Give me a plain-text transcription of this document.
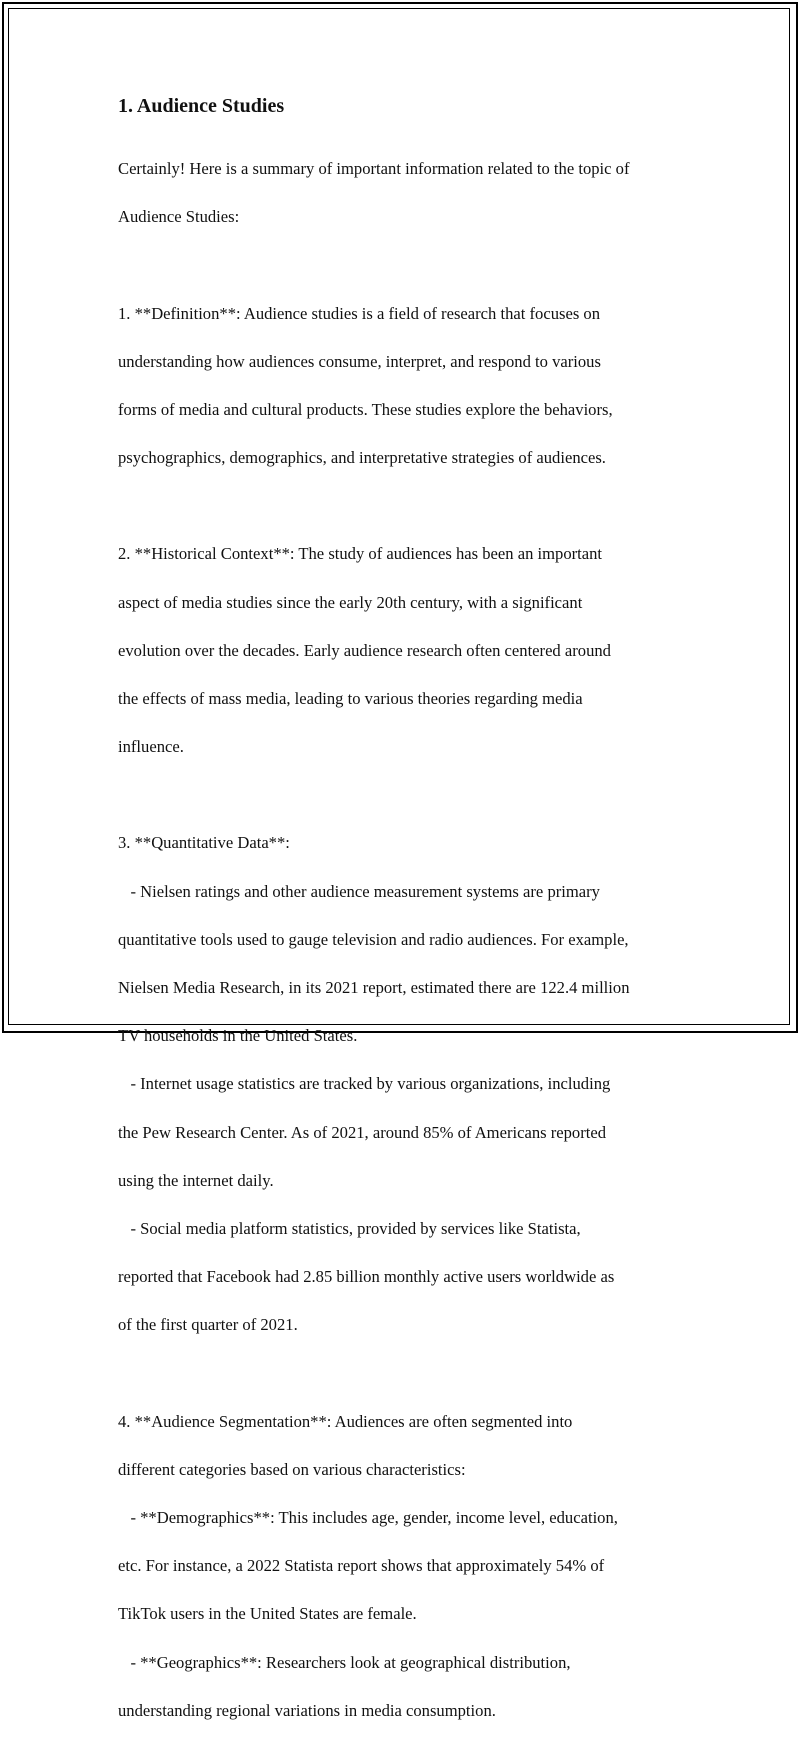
1. Audience Studies

Certainly! Here is a summary of important information related to the topic of

Audience Studies:

1. **Definition**: Audience studies is a field of research that focuses on

understanding how audiences consume, interpret, and respond to various

forms of media and cultural products. These studies explore the behaviors,

psychographics, demographics, and interpretative strategies of audiences.

2. **Historical Context**: The study of audiences has been an important

aspect of media studies since the early 20th century, with a significant

evolution over the decades. Early audience research often centered around

the effects of mass media, leading to various theories regarding media

influence.

3. **Quantitative Data**:

- Nielsen ratings and other audience measurement systems are primary

quantitative tools used to gauge television and radio audiences. For example,

Nielsen Media Research, in its 2021 report, estimated there are 122.4 million

TV households in the United States.

- Internet usage statistics are tracked by various organizations, including

the Pew Research Center. As of 2021, around 85% of Americans reported

using the internet daily.

- Social media platform statistics, provided by services like Statista,

reported that Facebook had 2.85 billion monthly active users worldwide as

of the first quarter of 2021.

4. **Audience Segmentation**: Audiences are often segmented into

different categories based on various characteristics:

- **Demographics**: This includes age, gender, income level, education,

etc. For instance, a 2022 Statista report shows that approximately 54% of

TikTok users in the United States are female.

- **Geographics**: Researchers look at geographical distribution,

understanding regional variations in media consumption.
